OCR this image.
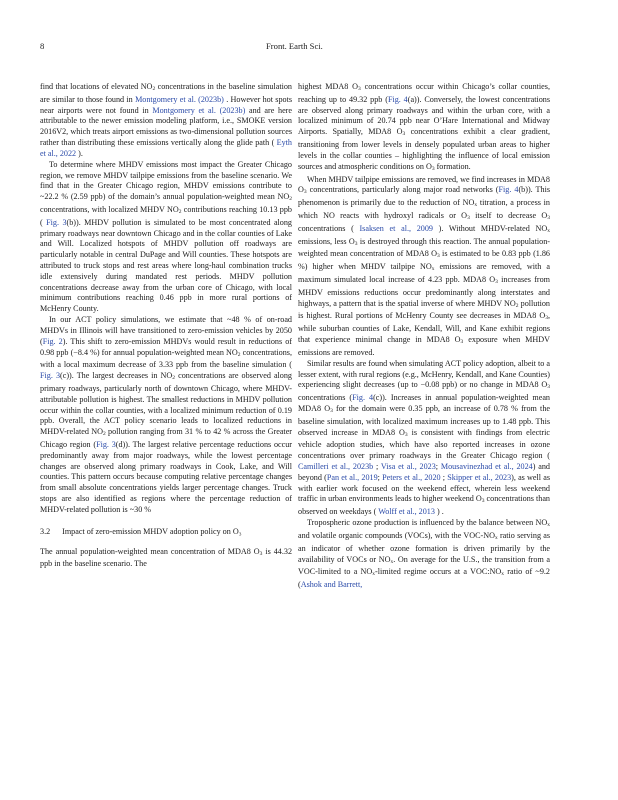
8	Front. Earth Sci.

find that locations of elevated NO2 concentrations in the baseline simulation are similar to those found in Montgomery et al. (2023b) . However hot spots near airports were not found in Montgomery et al. (2023b) and are here attributable to the newer emission modeling platform, i.e., SMOKE version 2016V2, which treats airport emissions as two-dimensional pollution sources rather than distributing these emissions vertically along the glide path ( Eyth et al., 2022 ).

To determine where MHDV emissions most impact the Greater Chicago region, we remove MHDV tailpipe emissions from the baseline scenario. We find that in the Greater Chicago region, MHDV emissions contribute to ~22.2 % (2.59 ppb) of the domain’s annual population-weighted mean NO2 concentrations, with localized MHDV NO2 contributions reaching 10.13 ppb ( Fig. 3(b)). MHDV pollution is simulated to be most concentrated along primary roadways near downtown Chicago and in the collar counties of Lake and Will. Localized hotspots of MHDV pollution off roadways are particularly notable in central DuPage and Will counties. These hotspots are attributed to truck stops and rest areas where long-haul combination trucks idle extensively during mandated rest periods. MHDV pollution concentrations decrease away from the urban core of Chicago, with local minimum contributions reaching 0.46 ppb in more rural portions of McHenry County.

In our ACT policy simulations, we estimate that ~48 % of on-road MHDVs in Illinois will have transitioned to zero-emission vehicles by 2050 (Fig. 2). This shift to zero-emission MHDVs would result in reductions of 0.98 ppb (−8.4 %) for annual population-weighted mean NO2 concentrations, with a local maximum decrease of 3.33 ppb from the baseline simulation ( Fig. 3(c)). The largest decreases in NO2 concentrations are observed along primary roadways, particularly north of downtown Chicago, where MHDV-attributable pollution is highest. The smallest reductions in MHDV pollution occur within the collar counties, with a localized minimum reduction of 0.19 ppb. Overall, the ACT policy scenario leads to localized reductions in MHDV-related NO2 pollution ranging from 31 % to 42 % across the Greater Chicago region (Fig. 3(d)). The largest relative percentage reductions occur predominantly away from major roadways, while the lowest percentage changes are observed along primary roadways in Cook, Lake, and Will counties. This pattern occurs because computing relative percentage changes from small absolute concentrations yields larger percentage changes. Truck stops are also identified as regions where the percentage reduction of MHDV-related pollution is ~30 %

3.2 Impact of zero-emission MHDV adoption policy on O₃

The annual population-weighted mean concentration of MDA8 O3 is 44.32 ppb in the baseline scenario. The

highest MDA8 O3 concentrations occur within Chicago’s collar counties, reaching up to 49.32 ppb (Fig. 4(a)). Conversely, the lowest concentrations are observed along primary roadways and within the urban core, with a localized minimum of 20.74 ppb near O’Hare International and Midway Airports. Spatially, MDA8 O3 concentrations exhibit a clear gradient, transitioning from lower levels in densely populated urban areas to higher levels in the collar counties – highlighting the influence of local emission sources and atmospheric conditions on O3 formation.

When MHDV tailpipe emissions are removed, we find increases in MDA8 O3 concentrations, particularly along major road networks (Fig. 4(b)). This phenomenon is primarily due to the reduction of NOx titration, a process in which NO reacts with hydroxyl radicals or O3 itself to decrease O3 concentrations ( Isaksen et al., 2009 ). Without MHDV-related NOx emissions, less O3 is destroyed through this reaction. The annual population-weighted mean concentration of MDA8 O3 is estimated to be 0.83 ppb (1.86 %) higher when MHDV tailpipe NOx emissions are removed, with a maximum simulated local increase of 4.23 ppb. MDA8 O3 increases from MHDV emissions reductions occur predominantly along interstates and highways, a pattern that is the spatial inverse of where MHDV NO2 pollution is highest. Rural portions of McHenry County see decreases in MDA8 O3, while suburban counties of Lake, Kendall, Will, and Kane exhibit regions that experience minimal change in MDA8 O3 exposure when MHDV emissions are removed.

Similar results are found when simulating ACT policy adoption, albeit to a lesser extent, with rural regions (e.g., McHenry, Kendall, and Kane Counties) experiencing slight decreases (up to −0.08 ppb) or no change in MDA8 O3 concentrations (Fig. 4(c)). Increases in annual population-weighted mean MDA8 O3 for the domain were 0.35 ppb, an increase of 0.78 % from the baseline simulation, with localized maximum increases up to 1.48 ppb. This observed increase in MDA8 O3 is consistent with findings from electric vehicle adoption studies, which have also reported increases in ozone concentrations over primary roadways in the Greater Chicago region ( Camilleri et al., 2023b ; Visa et al., 2023; Mousavinezhad et al., 2024) and beyond (Pan et al., 2019; Peters et al., 2020 ; Skipper et al., 2023), as well as with earlier work focused on the weekend effect, wherein less weekend traffic in urban environments leads to higher weekend O3 concentrations than observed on weekdays ( Wolff et al., 2013 ) .

Tropospheric ozone production is influenced by the balance between NOx and volatile organic compounds (VOCs), with the VOC-NOx ratio serving as an indicator of whether ozone formation is driven primarily by the availability of VOCs or NOx. On average for the U.S., the transition from a VOC-limited to a NOx-limited regime occurs at a VOC:NOx ratio of ~9.2 (Ashok and Barrett,
